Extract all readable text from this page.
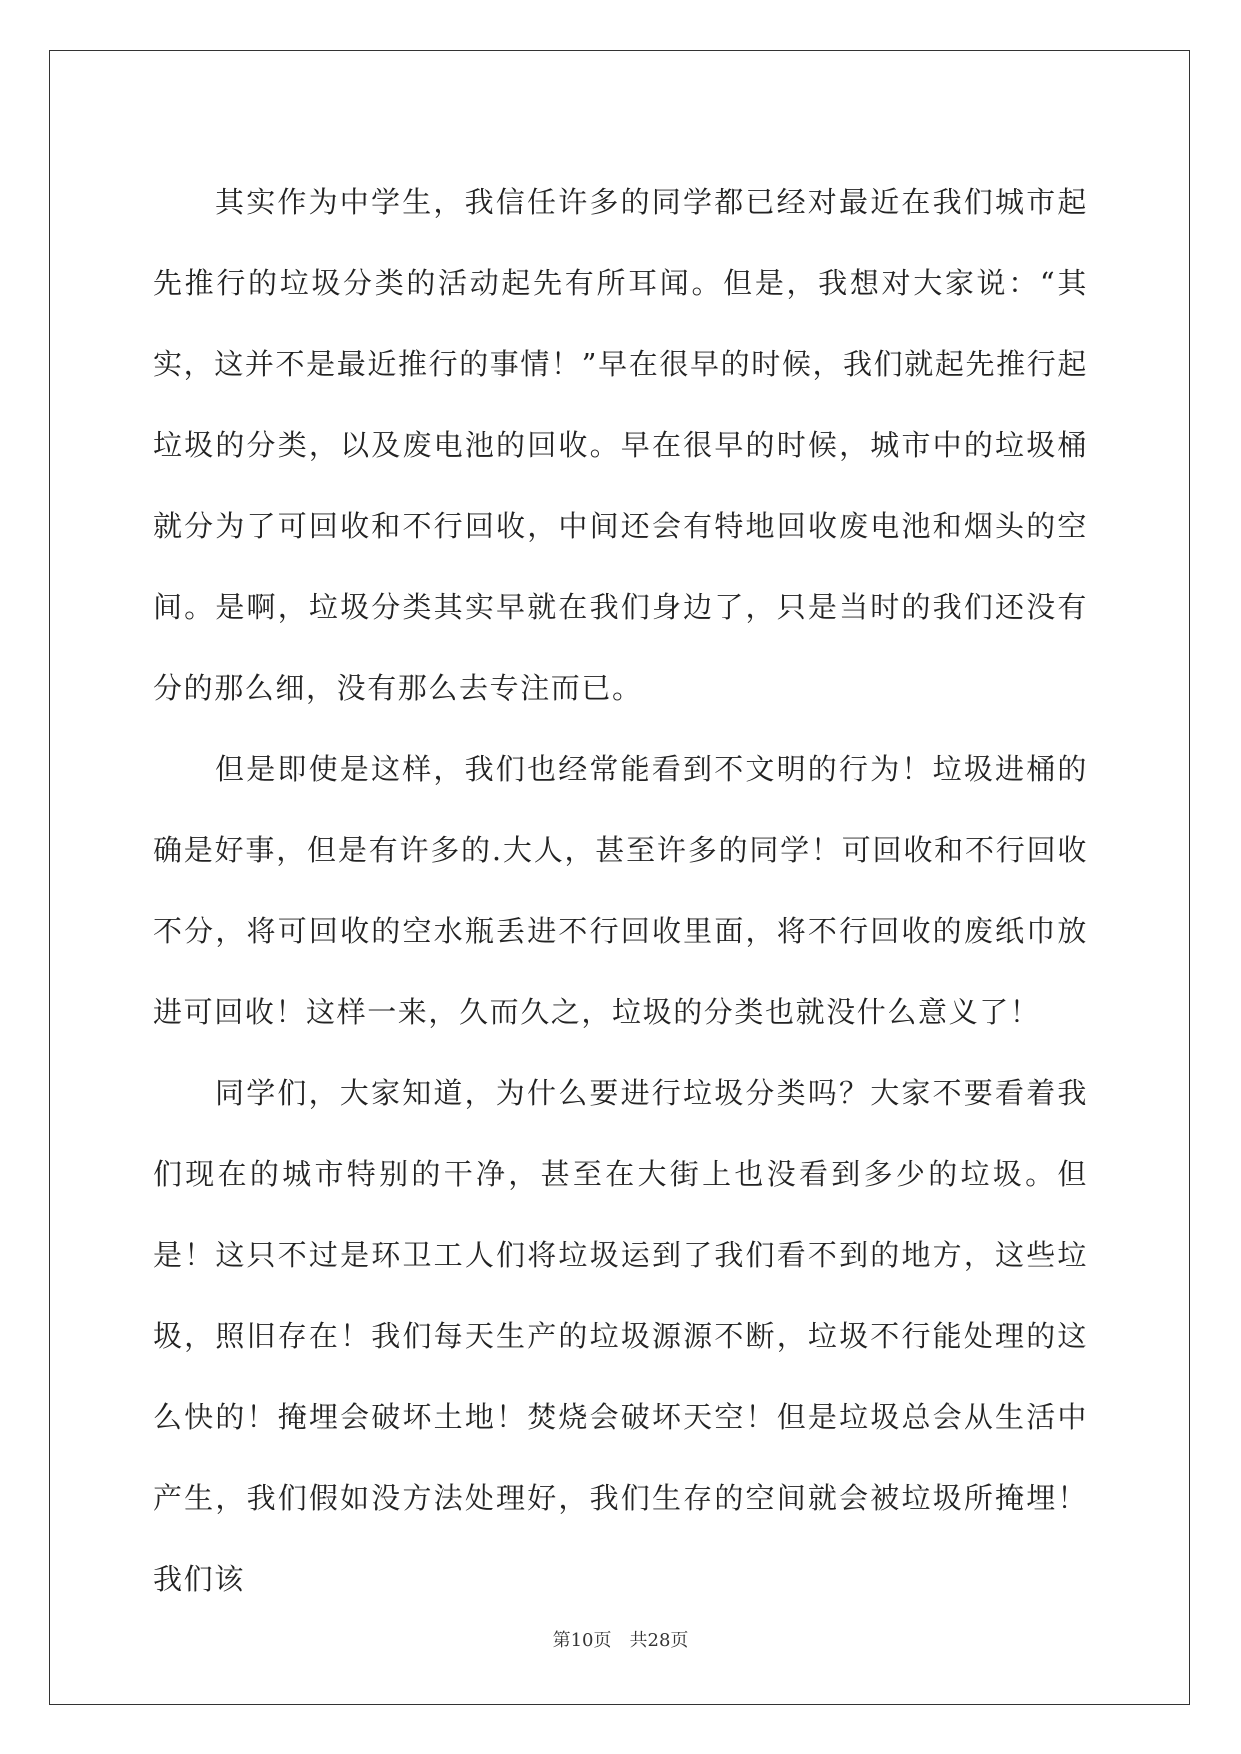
其实作为中学生，我信任许多的同学都已经对最近在我们城市起先推行的垃圾分类的活动起先有所耳闻。但是，我想对大家说：“其实，这并不是最近推行的事情！”早在很早的时候，我们就起先推行起垃圾的分类，以及废电池的回收。早在很早的时候，城市中的垃圾桶就分为了可回收和不行回收，中间还会有特地回收废电池和烟头的空间。是啊，垃圾分类其实早就在我们身边了，只是当时的我们还没有分的那么细，没有那么去专注而已。

但是即使是这样，我们也经常能看到不文明的行为！垃圾进桶的确是好事，但是有许多的.大人，甚至许多的同学！可回收和不行回收不分，将可回收的空水瓶丢进不行回收里面，将不行回收的废纸巾放进可回收！这样一来，久而久之，垃圾的分类也就没什么意义了！

同学们，大家知道，为什么要进行垃圾分类吗？大家不要看着我们现在的城市特别的干净，甚至在大街上也没看到多少的垃圾。但是！这只不过是环卫工人们将垃圾运到了我们看不到的地方，这些垃圾，照旧存在！我们每天生产的垃圾源源不断，垃圾不行能处理的这么快的！掩埋会破坏土地！焚烧会破坏天空！但是垃圾总会从生活中产生，我们假如没方法处理好，我们生存的空间就会被垃圾所掩埋！我们该

第10页　共28页
